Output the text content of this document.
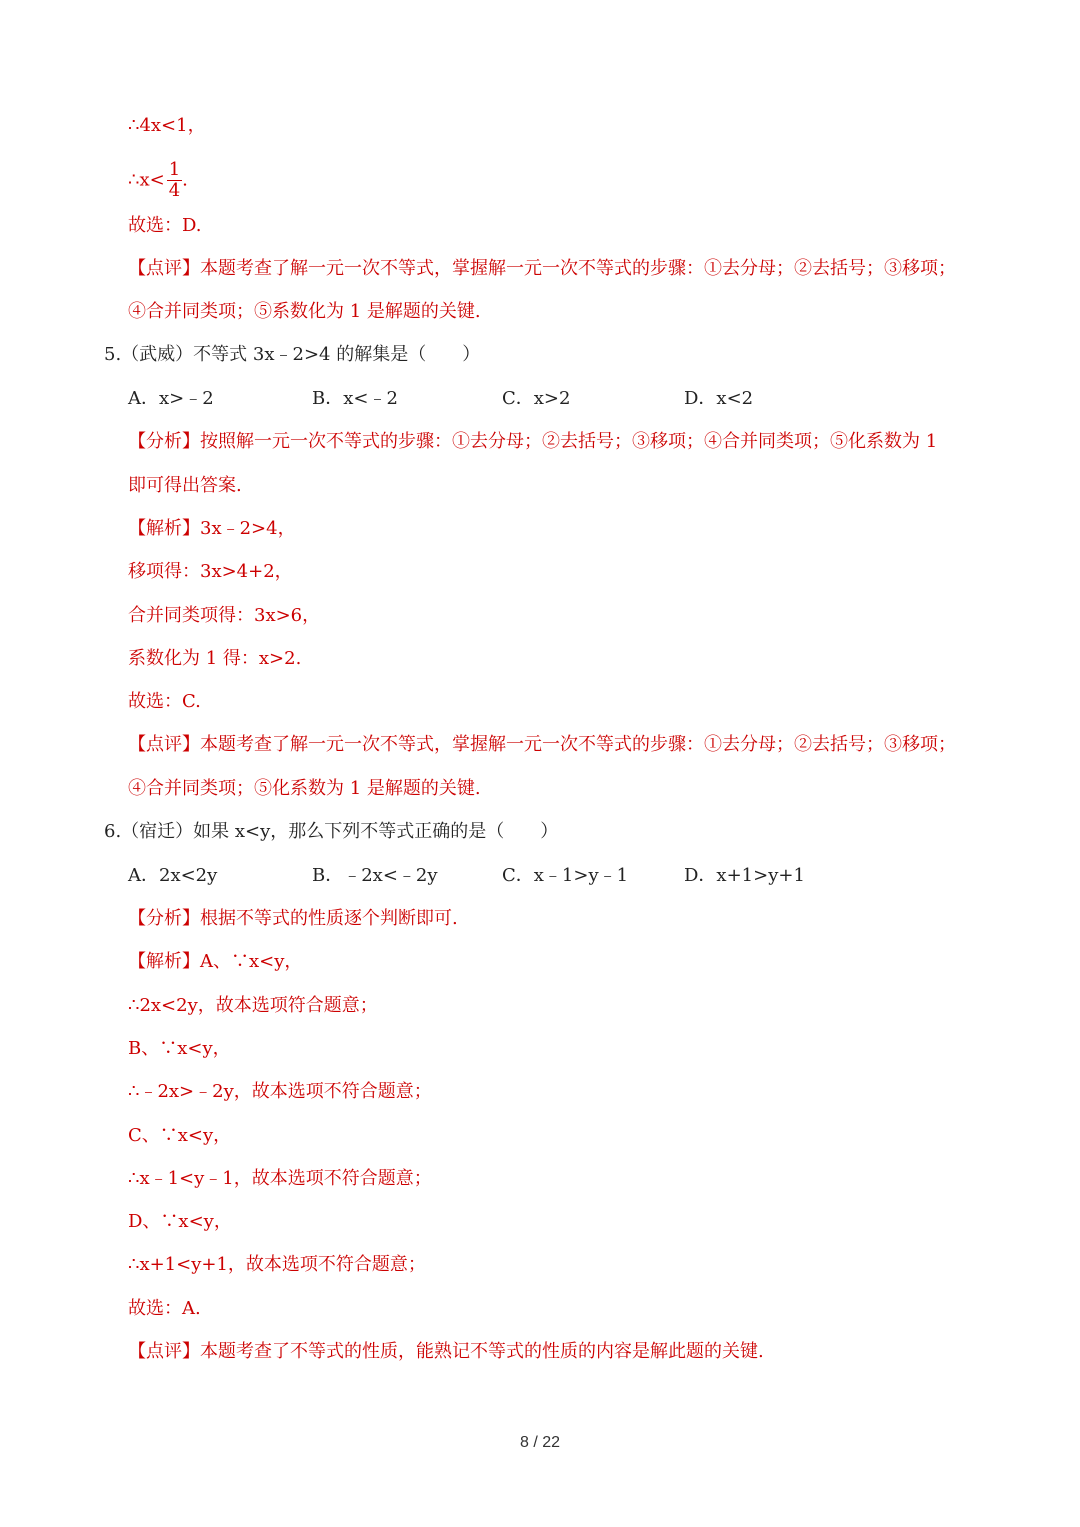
∴4x<1，
∴x< $\frac{1}{4}$ .
故选：D.
【点评】本题考查了解一元一次不等式，掌握解一元一次不等式的步骤：①去分母；②去括号；③移项；
④合并同类项；⑤系数化为 1 是解题的关键.
5.（武威）不等式 3x﹣2>4 的解集是（　　）
A．x>﹣2	B．x<﹣2	C．x>2	D．x<2
【分析】按照解一元一次不等式的步骤：①去分母；②去括号；③移项；④合并同类项；⑤化系数为 1
即可得出答案.
【解析】3x﹣2>4，
移项得：3x>4+2，
合并同类项得：3x>6，
系数化为 1 得：x>2.
故选：C.
【点评】本题考查了解一元一次不等式，掌握解一元一次不等式的步骤：①去分母；②去括号；③移项；
④合并同类项；⑤化系数为 1 是解题的关键.
6.（宿迁）如果 x<y，那么下列不等式正确的是（　　）
A．2x<2y	B．﹣2x<﹣2y	C．x﹣1>y﹣1	D．x+1>y+1
【分析】根据不等式的性质逐个判断即可.
【解析】A、∵x<y，
∴2x<2y，故本选项符合题意；
B、∵x<y，
∴﹣2x>﹣2y，故本选项不符合题意；
C、∵x<y，
∴x﹣1<y﹣1，故本选项不符合题意；
D、∵x<y，
∴x+1<y+1，故本选项不符合题意；
故选：A.
【点评】本题考查了不等式的性质，能熟记不等式的性质的内容是解此题的关键.
8 / 22
